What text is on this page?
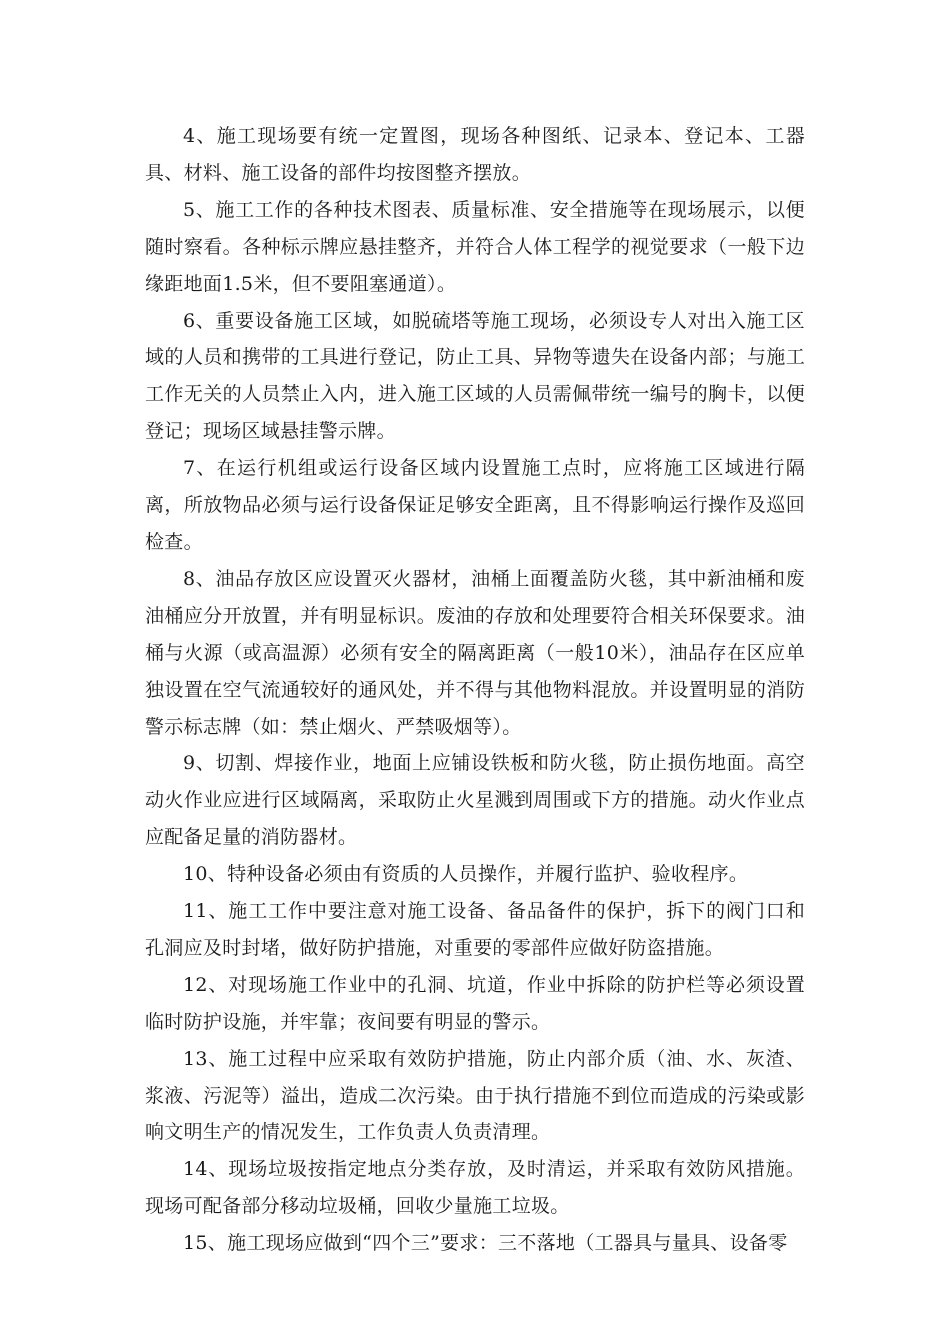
4、施工现场要有统一定置图，现场各种图纸、记录本、登记本、工器具、材料、施工设备的部件均按图整齐摆放。

5、施工工作的各种技术图表、质量标准、安全措施等在现场展示，以便随时察看。各种标示牌应悬挂整齐，并符合人体工程学的视觉要求（一般下边缘距地面1.5米，但不要阻塞通道）。

6、重要设备施工区域，如脱硫塔等施工现场，必须设专人对出入施工区域的人员和携带的工具进行登记，防止工具、异物等遗失在设备内部；与施工工作无关的人员禁止入内，进入施工区域的人员需佩带统一编号的胸卡，以便登记；现场区域悬挂警示牌。

7、在运行机组或运行设备区域内设置施工点时，应将施工区域进行隔离，所放物品必须与运行设备保证足够安全距离，且不得影响运行操作及巡回检查。

8、油品存放区应设置灭火器材，油桶上面覆盖防火毯，其中新油桶和废油桶应分开放置，并有明显标识。废油的存放和处理要符合相关环保要求。油桶与火源（或高温源）必须有安全的隔离距离（一般10米），油品存在区应单独设置在空气流通较好的通风处，并不得与其他物料混放。并设置明显的消防警示标志牌（如：禁止烟火、严禁吸烟等）。

9、切割、焊接作业，地面上应铺设铁板和防火毯，防止损伤地面。高空动火作业应进行区域隔离，采取防止火星溅到周围或下方的措施。动火作业点应配备足量的消防器材。

10、特种设备必须由有资质的人员操作，并履行监护、验收程序。

11、施工工作中要注意对施工设备、备品备件的保护，拆下的阀门口和孔洞应及时封堵，做好防护措施，对重要的零部件应做好防盗措施。

12、对现场施工作业中的孔洞、坑道，作业中拆除的防护栏等必须设置临时防护设施，并牢靠；夜间要有明显的警示。

13、施工过程中应采取有效防护措施，防止内部介质（油、水、灰渣、浆液、污泥等）溢出，造成二次污染。由于执行措施不到位而造成的污染或影响文明生产的情况发生，工作负责人负责清理。

14、现场垃圾按指定地点分类存放，及时清运，并采取有效防风措施。现场可配备部分移动垃圾桶，回收少量施工垃圾。

15、施工现场应做到“四个三”要求：三不落地（工器具与量具、设备零
